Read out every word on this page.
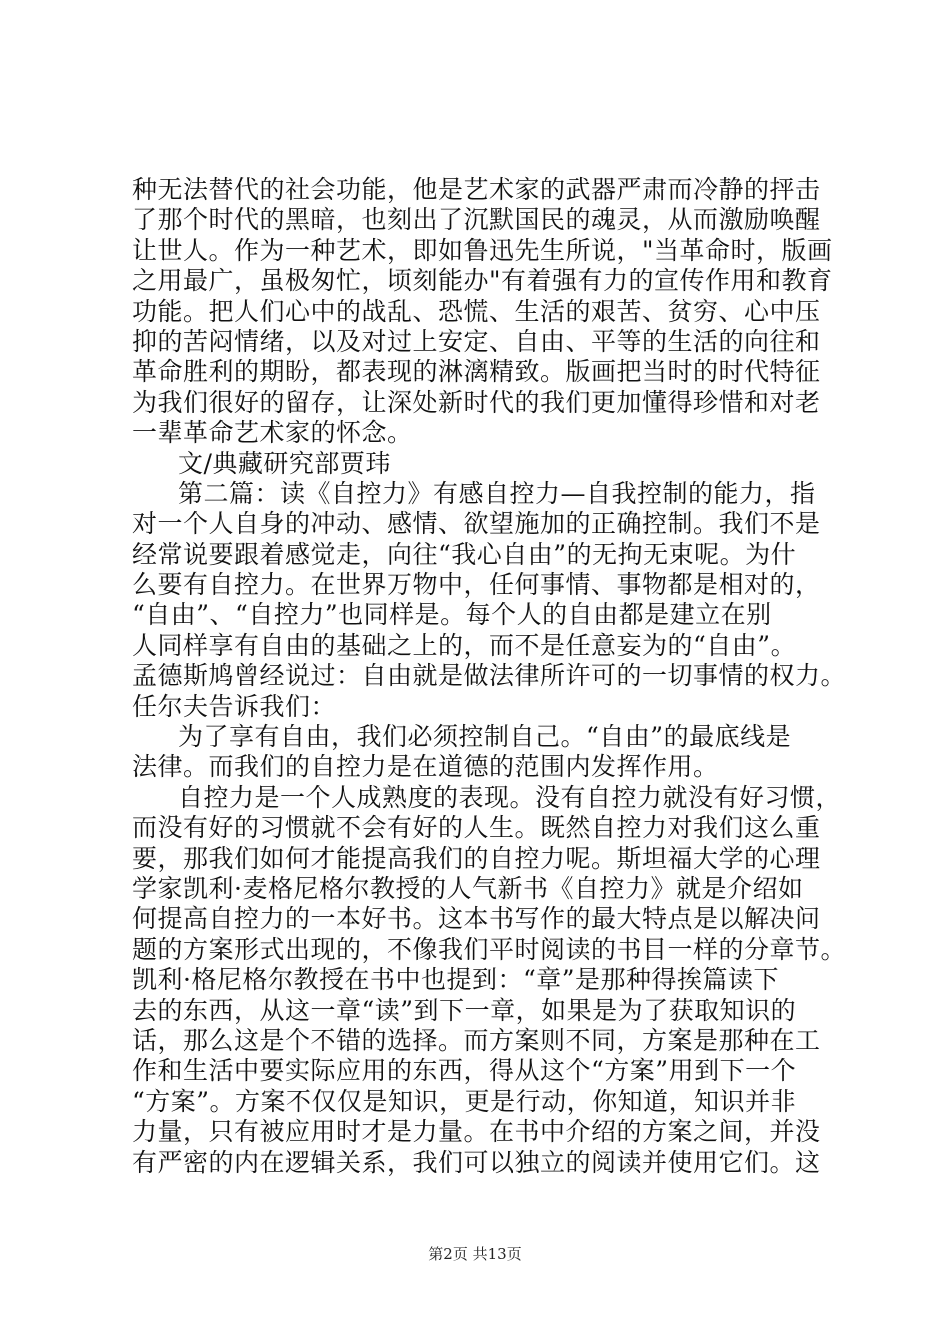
种无法替代的社会功能，他是艺术家的武器严肃而冷静的抨击
了那个时代的黑暗，也刻出了沉默国民的魂灵，从而激励唤醒
让世人。作为一种艺术，即如鲁迅先生所说，"当革命时，版画
之用最广，虽极匆忙，顷刻能办"有着强有力的宣传作用和教育
功能。把人们心中的战乱、恐慌、生活的艰苦、贫穷、心中压
抑的苦闷情绪，以及对过上安定、自由、平等的生活的向往和
革命胜利的期盼，都表现的淋漓精致。版画把当时的时代特征
为我们很好的留存，让深处新时代的我们更加懂得珍惜和对老
一辈革命艺术家的怀念。
文/典藏研究部贾玮
第二篇：读《自控力》有感自控力—自我控制的能力，指
对一个人自身的冲动、感情、欲望施加的正确控制。我们不是
经常说要跟着感觉走，向往“我心自由”的无拘无束呢。为什
么要有自控力。在世界万物中，任何事情、事物都是相对的，
“自由”、“自控力”也同样是。每个人的自由都是建立在别
人同样享有自由的基础之上的，而不是任意妄为的“自由”。
孟德斯鸠曾经说过：自由就是做法律所许可的一切事情的权力。
任尔夫告诉我们：
为了享有自由，我们必须控制自己。“自由”的最底线是
法律。而我们的自控力是在道德的范围内发挥作用。
自控力是一个人成熟度的表现。没有自控力就没有好习惯，
而没有好的习惯就不会有好的人生。既然自控力对我们这么重
要，那我们如何才能提高我们的自控力呢。斯坦福大学的心理
学家凯利·麦格尼格尔教授的人气新书《自控力》就是介绍如
何提高自控力的一本好书。这本书写作的最大特点是以解决问
题的方案形式出现的，不像我们平时阅读的书目一样的分章节。
凯利·格尼格尔教授在书中也提到：“章”是那种得挨篇读下
去的东西，从这一章“读”到下一章，如果是为了获取知识的
话，那么这是个不错的选择。而方案则不同，方案是那种在工
作和生活中要实际应用的东西，得从这个“方案”用到下一个
“方案”。方案不仅仅是知识，更是行动，你知道，知识并非
力量，只有被应用时才是力量。在书中介绍的方案之间，并没
有严密的内在逻辑关系，我们可以独立的阅读并使用它们。这
第2页 共13页
